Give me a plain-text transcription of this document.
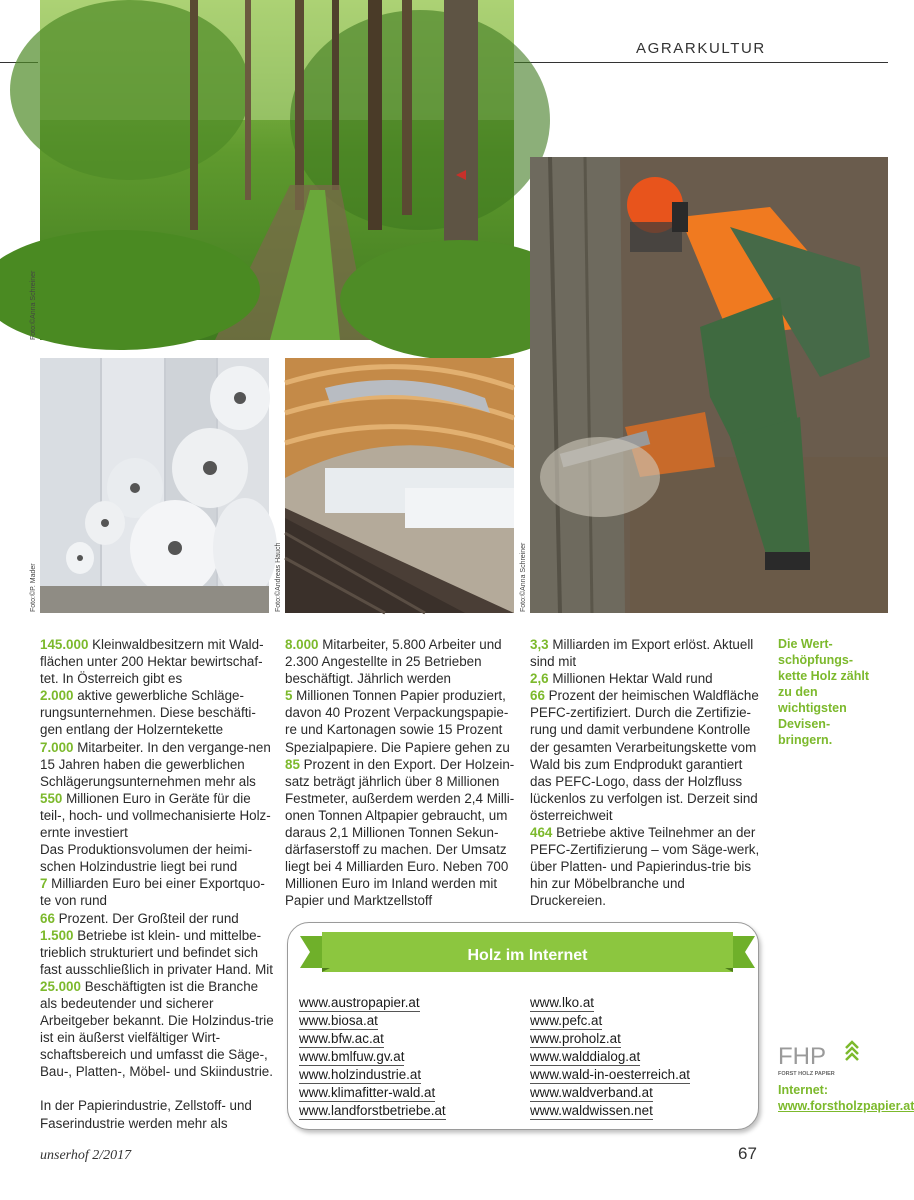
AGRARKULTUR
Foto:©Anna Schreiner
Foto:©P. Mader	Foto:©Andreas Hauch	Foto:©Anna Schreiner

145.000 Kleinwaldbesitzern mit Wald-flächen unter 200 Hektar bewirtschaf-tet. In Österreich gibt es

2.000 aktive gewerbliche Schläge-rungsunternehmen. Diese beschäfti-gen entlang der Holzerntekette

7.000 Mitarbeiter. In den vergange-nen 15 Jahren haben die gewerblichen Schlägerungsunternehmen mehr als

550 Millionen Euro in Geräte für die teil-, hoch- und vollmechanisierte Holz-ernte investiert

Das Produktionsvolumen der heimi-schen Holzindustrie liegt bei rund

7 Milliarden Euro bei einer Exportquo-te von rund

66 Prozent. Der Großteil der rund

1.500 Betriebe ist klein- und mittelbe-trieblich strukturiert und befindet sich fast ausschließlich in privater Hand. Mit

25.000 Beschäftigten ist die Branche als bedeutender und sicherer Arbeitgeber bekannt. Die Holzindus-trie ist ein äußerst vielfältiger Wirt-schaftsbereich und umfasst die Säge-, Bau-, Platten-, Möbel- und Skiindustrie.

In der Papierindustrie, Zellstoff- und Faserindustrie werden mehr als

8.000 Mitarbeiter, 5.800 Arbeiter und 2.300 Angestellte in 25 Betrieben beschäftigt. Jährlich werden

5 Millionen Tonnen Papier produziert, davon 40 Prozent Verpackungspapie-re und Kartonagen sowie 15 Prozent Spezialpapiere. Die Papiere gehen zu

85 Prozent in den Export. Der Holzein-satz beträgt jährlich über 8 Millionen Festmeter, außerdem werden 2,4 Milli-onen Tonnen Altpapier gebraucht, um daraus 2,1 Millionen Tonnen Sekun-därfaserstoff zu machen. Der Umsatz liegt bei 4 Milliarden Euro. Neben 700 Millionen Euro im Inland werden mit Papier und Marktzellstoff

3,3 Milliarden im Export erlöst. Aktuell sind mit

2,6 Millionen Hektar Wald rund

66 Prozent der heimischen Waldfläche PEFC-zertifiziert. Durch die Zertifizie-rung und damit verbundene Kontrolle der gesamten Verarbeitungskette vom Wald bis zum Endprodukt garantiert das PEFC-Logo, dass der Holzfluss lückenlos zu verfolgen ist. Derzeit sind österreichweit

464 Betriebe aktive Teilnehmer an der PEFC-Zertifizierung – vom Säge-werk, über Platten- und Papierindus-trie bis hin zur Möbelbranche und Druckereien.

Die Wert-schöpfungs-kette Holz zählt zu den wichtigsten Devisen-bringern.
FHP
FORST HOLZ PAPIER
Internet:
www.forstholzpapier.at
Holz im Internet
www.austropapier.at
www.biosa.at
www.bfw.ac.at
www.bmlfuw.gv.at
www.holzindustrie.at
www.klimafitter-wald.at
www.landforstbetriebe.at
www.lko.at
www.pefc.at
www.proholz.at
www.walddialog.at
www.wald-in-oesterreich.at
www.waldverband.at
www.waldwissen.net
unserhof 2/2017	67
